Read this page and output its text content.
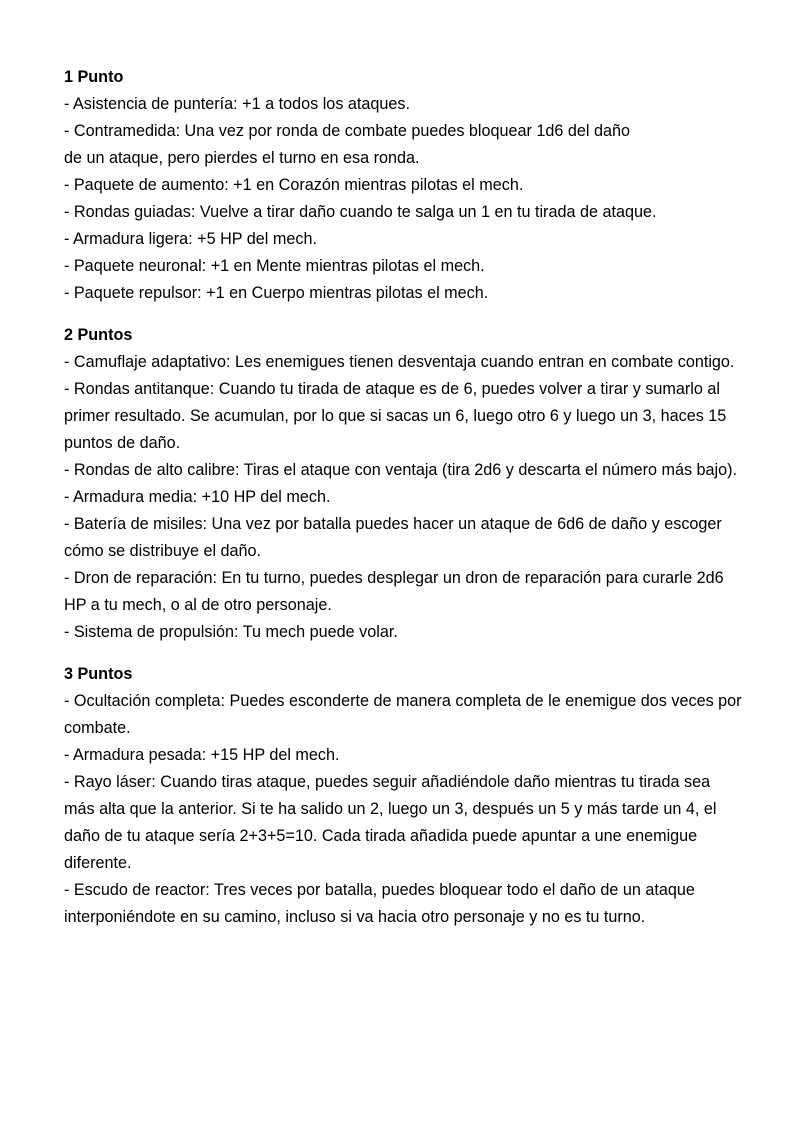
1 Punto

- Asistencia de puntería: +1 a todos los ataques.

- Contramedida: Una vez por ronda de combate puedes bloquear 1d6 del daño
de un ataque, pero pierdes el turno en esa ronda.

- Paquete de aumento: +1 en Corazón mientras pilotas el mech.

- Rondas guiadas: Vuelve a tirar daño cuando te salga un 1 en tu tirada de ataque.

- Armadura ligera: +5 HP del mech.

- Paquete neuronal: +1 en Mente mientras pilotas el mech.

- Paquete repulsor: +1 en Cuerpo mientras pilotas el mech.

2 Puntos

- Camuflaje adaptativo: Les enemigues tienen desventaja cuando entran en combate contigo.

- Rondas antitanque: Cuando tu tirada de ataque es de 6, puedes volver a tirar y sumarlo al primer resultado. Se acumulan, por lo que si sacas un 6, luego otro 6 y luego un 3, haces 15 puntos de daño.

- Rondas de alto calibre: Tiras el ataque con ventaja (tira 2d6 y descarta el número más bajo).

- Armadura media: +10 HP del mech.

- Batería de misiles: Una vez por batalla puedes hacer un ataque de 6d6 de daño y escoger cómo se distribuye el daño.

- Dron de reparación: En tu turno, puedes desplegar un dron de reparación para curarle 2d6 HP a tu mech, o al de otro personaje.

- Sistema de propulsión: Tu mech puede volar.

3 Puntos

- Ocultación completa: Puedes esconderte de manera completa de le enemigue dos veces por combate.

- Armadura pesada: +15 HP del mech.

- Rayo láser: Cuando tiras ataque, puedes seguir añadiéndole daño mientras tu tirada sea más alta que la anterior. Si te ha salido un 2, luego un 3, después un 5 y más tarde un 4, el daño de tu ataque sería 2+3+5=10. Cada tirada añadida puede apuntar a une enemigue diferente.

- Escudo de reactor: Tres veces por batalla, puedes bloquear todo el daño de un ataque interponiéndote en su camino, incluso si va hacia otro personaje y no es tu turno.
